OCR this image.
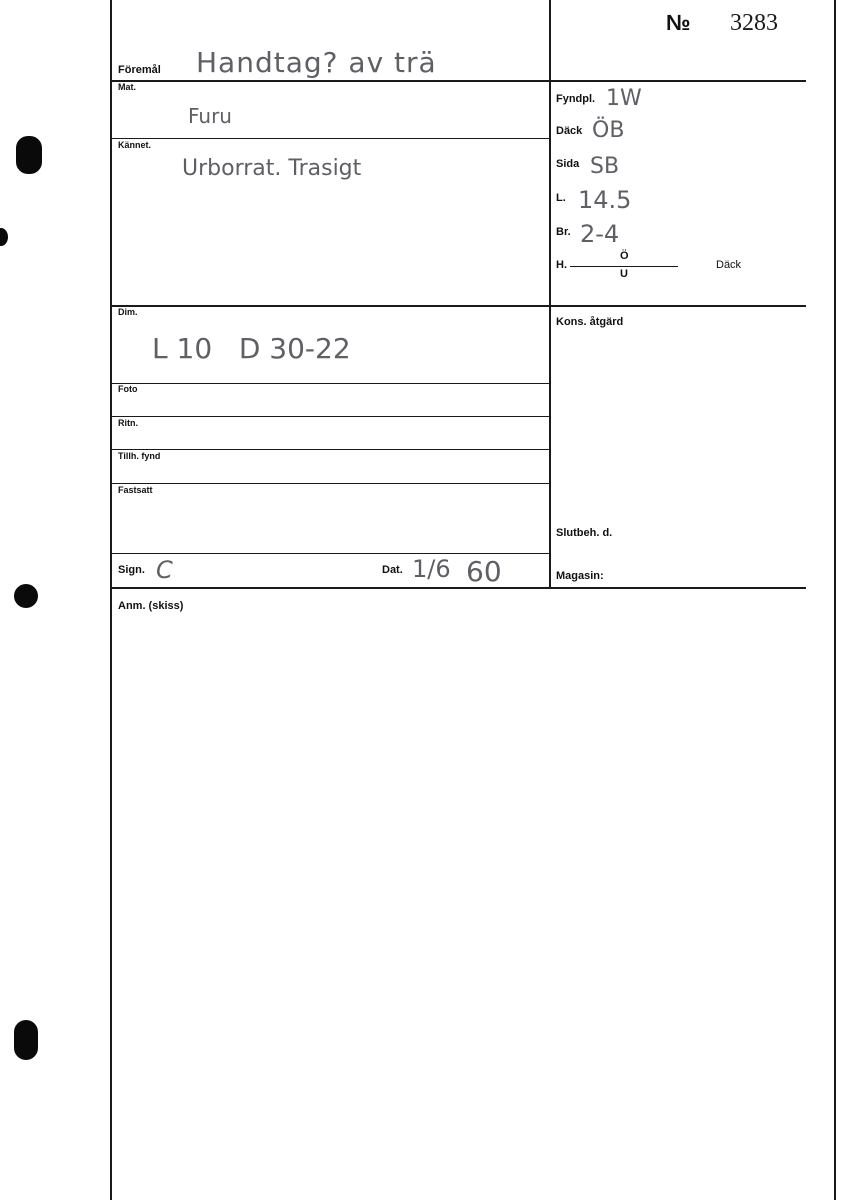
№ 3283
Föremål
Mat.
Kännet.
Dim.
Foto
Ritn.
Tillh. fynd
Fastsatt
Sign.	Dat.
Anm. (skiss)
Fyndpl.
Däck
Sida
L.
Br.
H.
Ö
U
Däck
Kons. åtgärd
Slutbeh. d.
Magasin:
Handtag? av trä
Furu
Urborrat. Trasigt
L 10   D 30-22
C	1/6 60
1W
ÖB
SB
14.5
2-4
